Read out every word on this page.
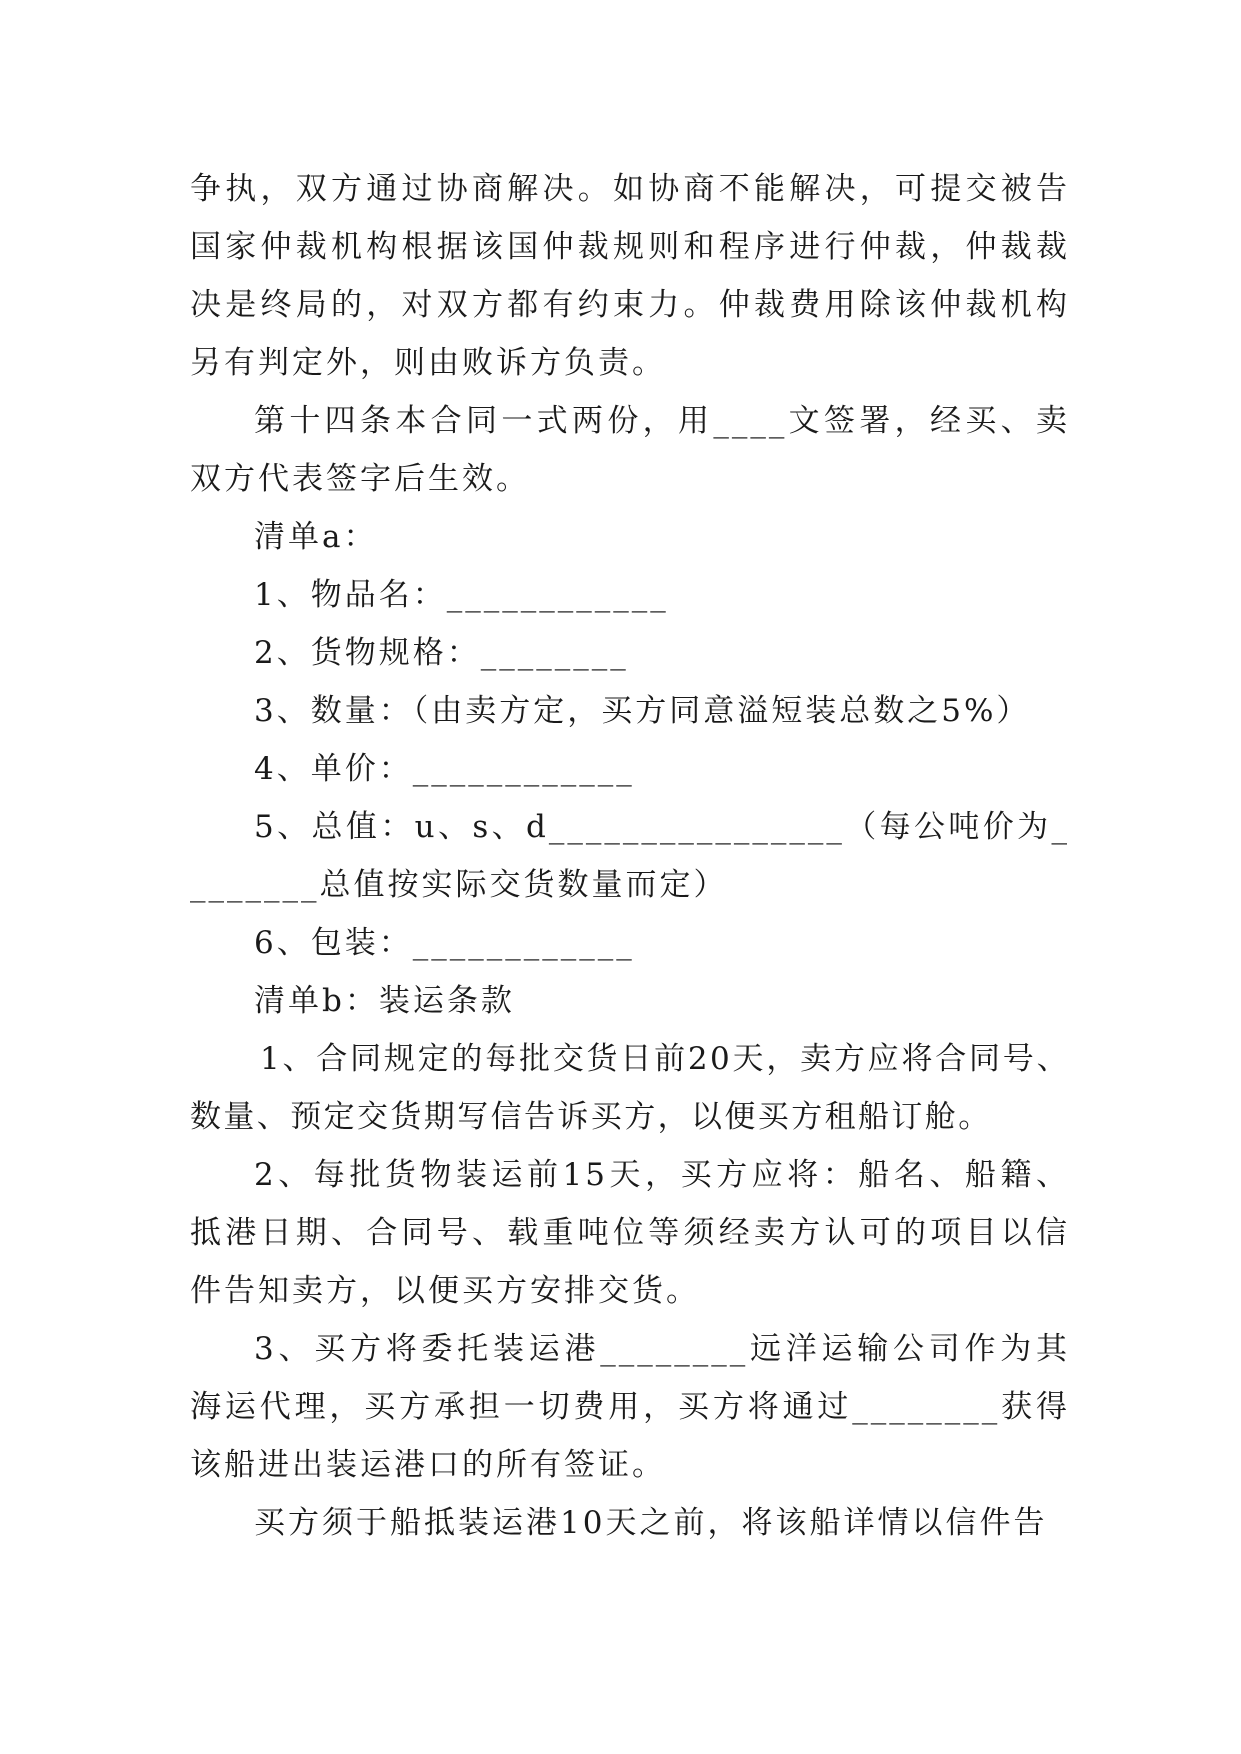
争执，双方通过协商解决。如协商不能解决，可提交被告国家仲裁机构根据该国仲裁规则和程序进行仲裁，仲裁裁决是终局的，对双方都有约束力。仲裁费用除该仲裁机构另有判定外，则由败诉方负责。

第十四条本合同一式两份，用____文签署，经买、卖双方代表签字后生效。

清单a：

1、物品名：____________

2、货物规格：________

3、数量：（由卖方定，买方同意溢短装总数之5%）

4、单价：____________

5、总值：u、s、d________________（每公吨价为________总值按实际交货数量而定）

6、包装：____________

清单b：装运条款

1、合同规定的每批交货日前20天，卖方应将合同号、数量、预定交货期写信告诉买方，以便买方租船订舱。

2、每批货物装运前15天，买方应将：船名、船籍、抵港日期、合同号、载重吨位等须经卖方认可的项目以信件告知卖方，以便买方安排交货。

3、买方将委托装运港________远洋运输公司作为其海运代理，买方承担一切费用，买方将通过________获得该船进出装运港口的所有签证。

买方须于船抵装运港10天之前，将该船详情以信件告
